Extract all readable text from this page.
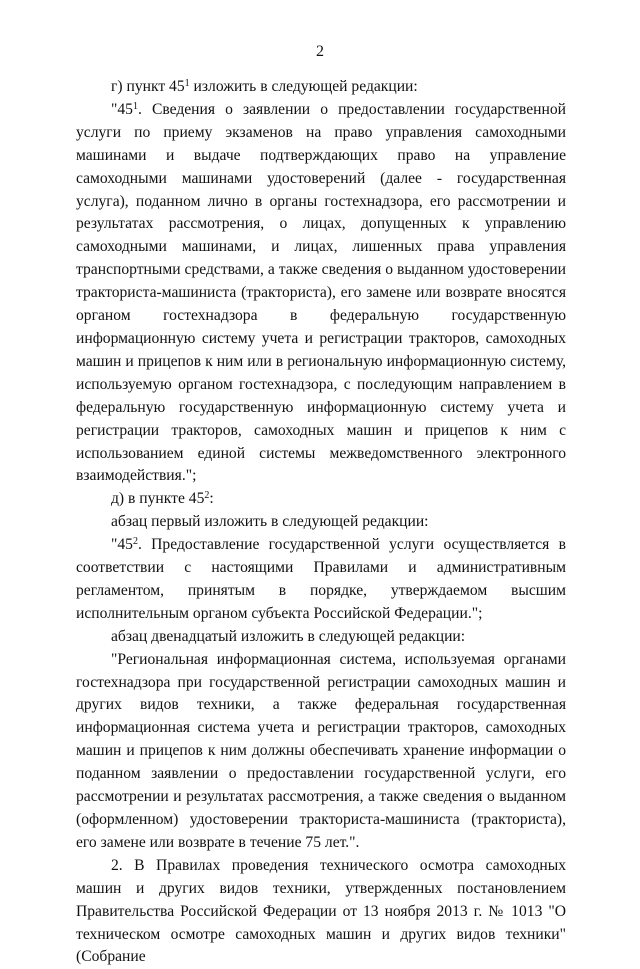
2

г) пункт $45^1$ изложить в следующей редакции:

"$45^1$. Сведения о заявлении о предоставлении государственной услуги по приему экзаменов на право управления самоходными машинами и выдаче подтверждающих право на управление самоходными машинами удостоверений (далее - государственная услуга), поданном лично в органы гостехнадзора, его рассмотрении и результатах рассмотрения, о лицах, допущенных к управлению самоходными машинами, и лицах, лишенных права управления транспортными средствами, а также сведения о выданном удостоверении тракториста-машиниста (тракториста), его замене или возврате вносятся органом гостехнадзора в федеральную государственную информационную систему учета и регистрации тракторов, самоходных машин и прицепов к ним или в региональную информационную систему, используемую органом гостехнадзора, с последующим направлением в федеральную государственную информационную систему учета и регистрации тракторов, самоходных машин и прицепов к ним с использованием единой системы межведомственного электронного взаимодействия.";

д) в пункте $45^2$:

абзац первый изложить в следующей редакции:

"$45^2$. Предоставление государственной услуги осуществляется в соответствии с настоящими Правилами и административным регламентом, принятым в порядке, утверждаемом высшим исполнительным органом субъекта Российской Федерации.";

абзац двенадцатый изложить в следующей редакции:

"Региональная информационная система, используемая органами гостехнадзора при государственной регистрации самоходных машин и других видов техники, а также федеральная государственная информационная система учета и регистрации тракторов, самоходных машин и прицепов к ним должны обеспечивать хранение информации о поданном заявлении о предоставлении государственной услуги, его рассмотрении и результатах рассмотрения, а также сведения о выданном (оформленном) удостоверении тракториста-машиниста (тракториста), его замене или возврате в течение 75 лет.".

2. В Правилах проведения технического осмотра самоходных машин и других видов техники, утвержденных постановлением Правительства Российской Федерации от 13 ноября 2013 г. № 1013 "О техническом осмотре самоходных машин и других видов техники" (Собрание
